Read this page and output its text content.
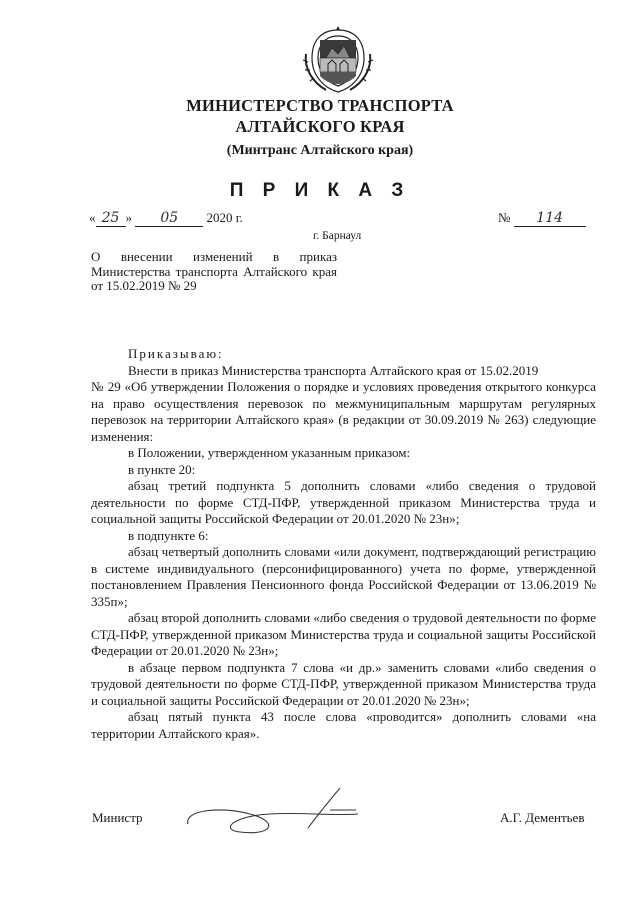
МИНИСТЕРСТВО ТРАНСПОРТА
АЛТАЙСКОГО КРАЯ
(Минтранс Алтайского края)
П Р И К А З
« 25 » 05 2020 г.	№ 114
г. Барнаул
О внесении изменений в приказ Министерства транспорта Алтайского края от 15.02.2019 № 29

Приказываю:

Внести в приказ Министерства транспорта Алтайского края от 15.02.2019

№ 29 «Об утверждении Положения о порядке и условиях проведения открытого конкурса на право осуществления перевозок по межмуниципальным маршрутам регулярных перевозок на территории Алтайского края» (в редакции от 30.09.2019 № 263) следующие изменения:

в Положении, утвержденном указанным приказом:

в пункте 20:

абзац третий подпункта 5 дополнить словами «либо сведения о трудовой деятельности по форме СТД-ПФР, утвержденной приказом Министерства труда и социальной защиты Российской Федерации от 20.01.2020 № 23н»;

в подпункте 6:

абзац четвертый дополнить словами «или документ, подтверждающий регистрацию в системе индивидуального (персонифицированного) учета по форме, утвержденной постановлением Правления Пенсионного фонда Российской Федерации от 13.06.2019 № 335п»;

абзац второй дополнить словами «либо сведения о трудовой деятельности по форме СТД-ПФР, утвержденной приказом Министерства труда и социальной защиты Российской Федерации от 20.01.2020 № 23н»;

в абзаце первом подпункта 7 слова «и др.» заменить словами «либо сведения о трудовой деятельности по форме СТД-ПФР, утвержденной приказом Министерства труда и социальной защиты Российской Федерации от 20.01.2020 № 23н»;

абзац пятый пункта 43 после слова «проводится» дополнить словами «на территории Алтайского края».

Министр	А.Г. Дементьев
